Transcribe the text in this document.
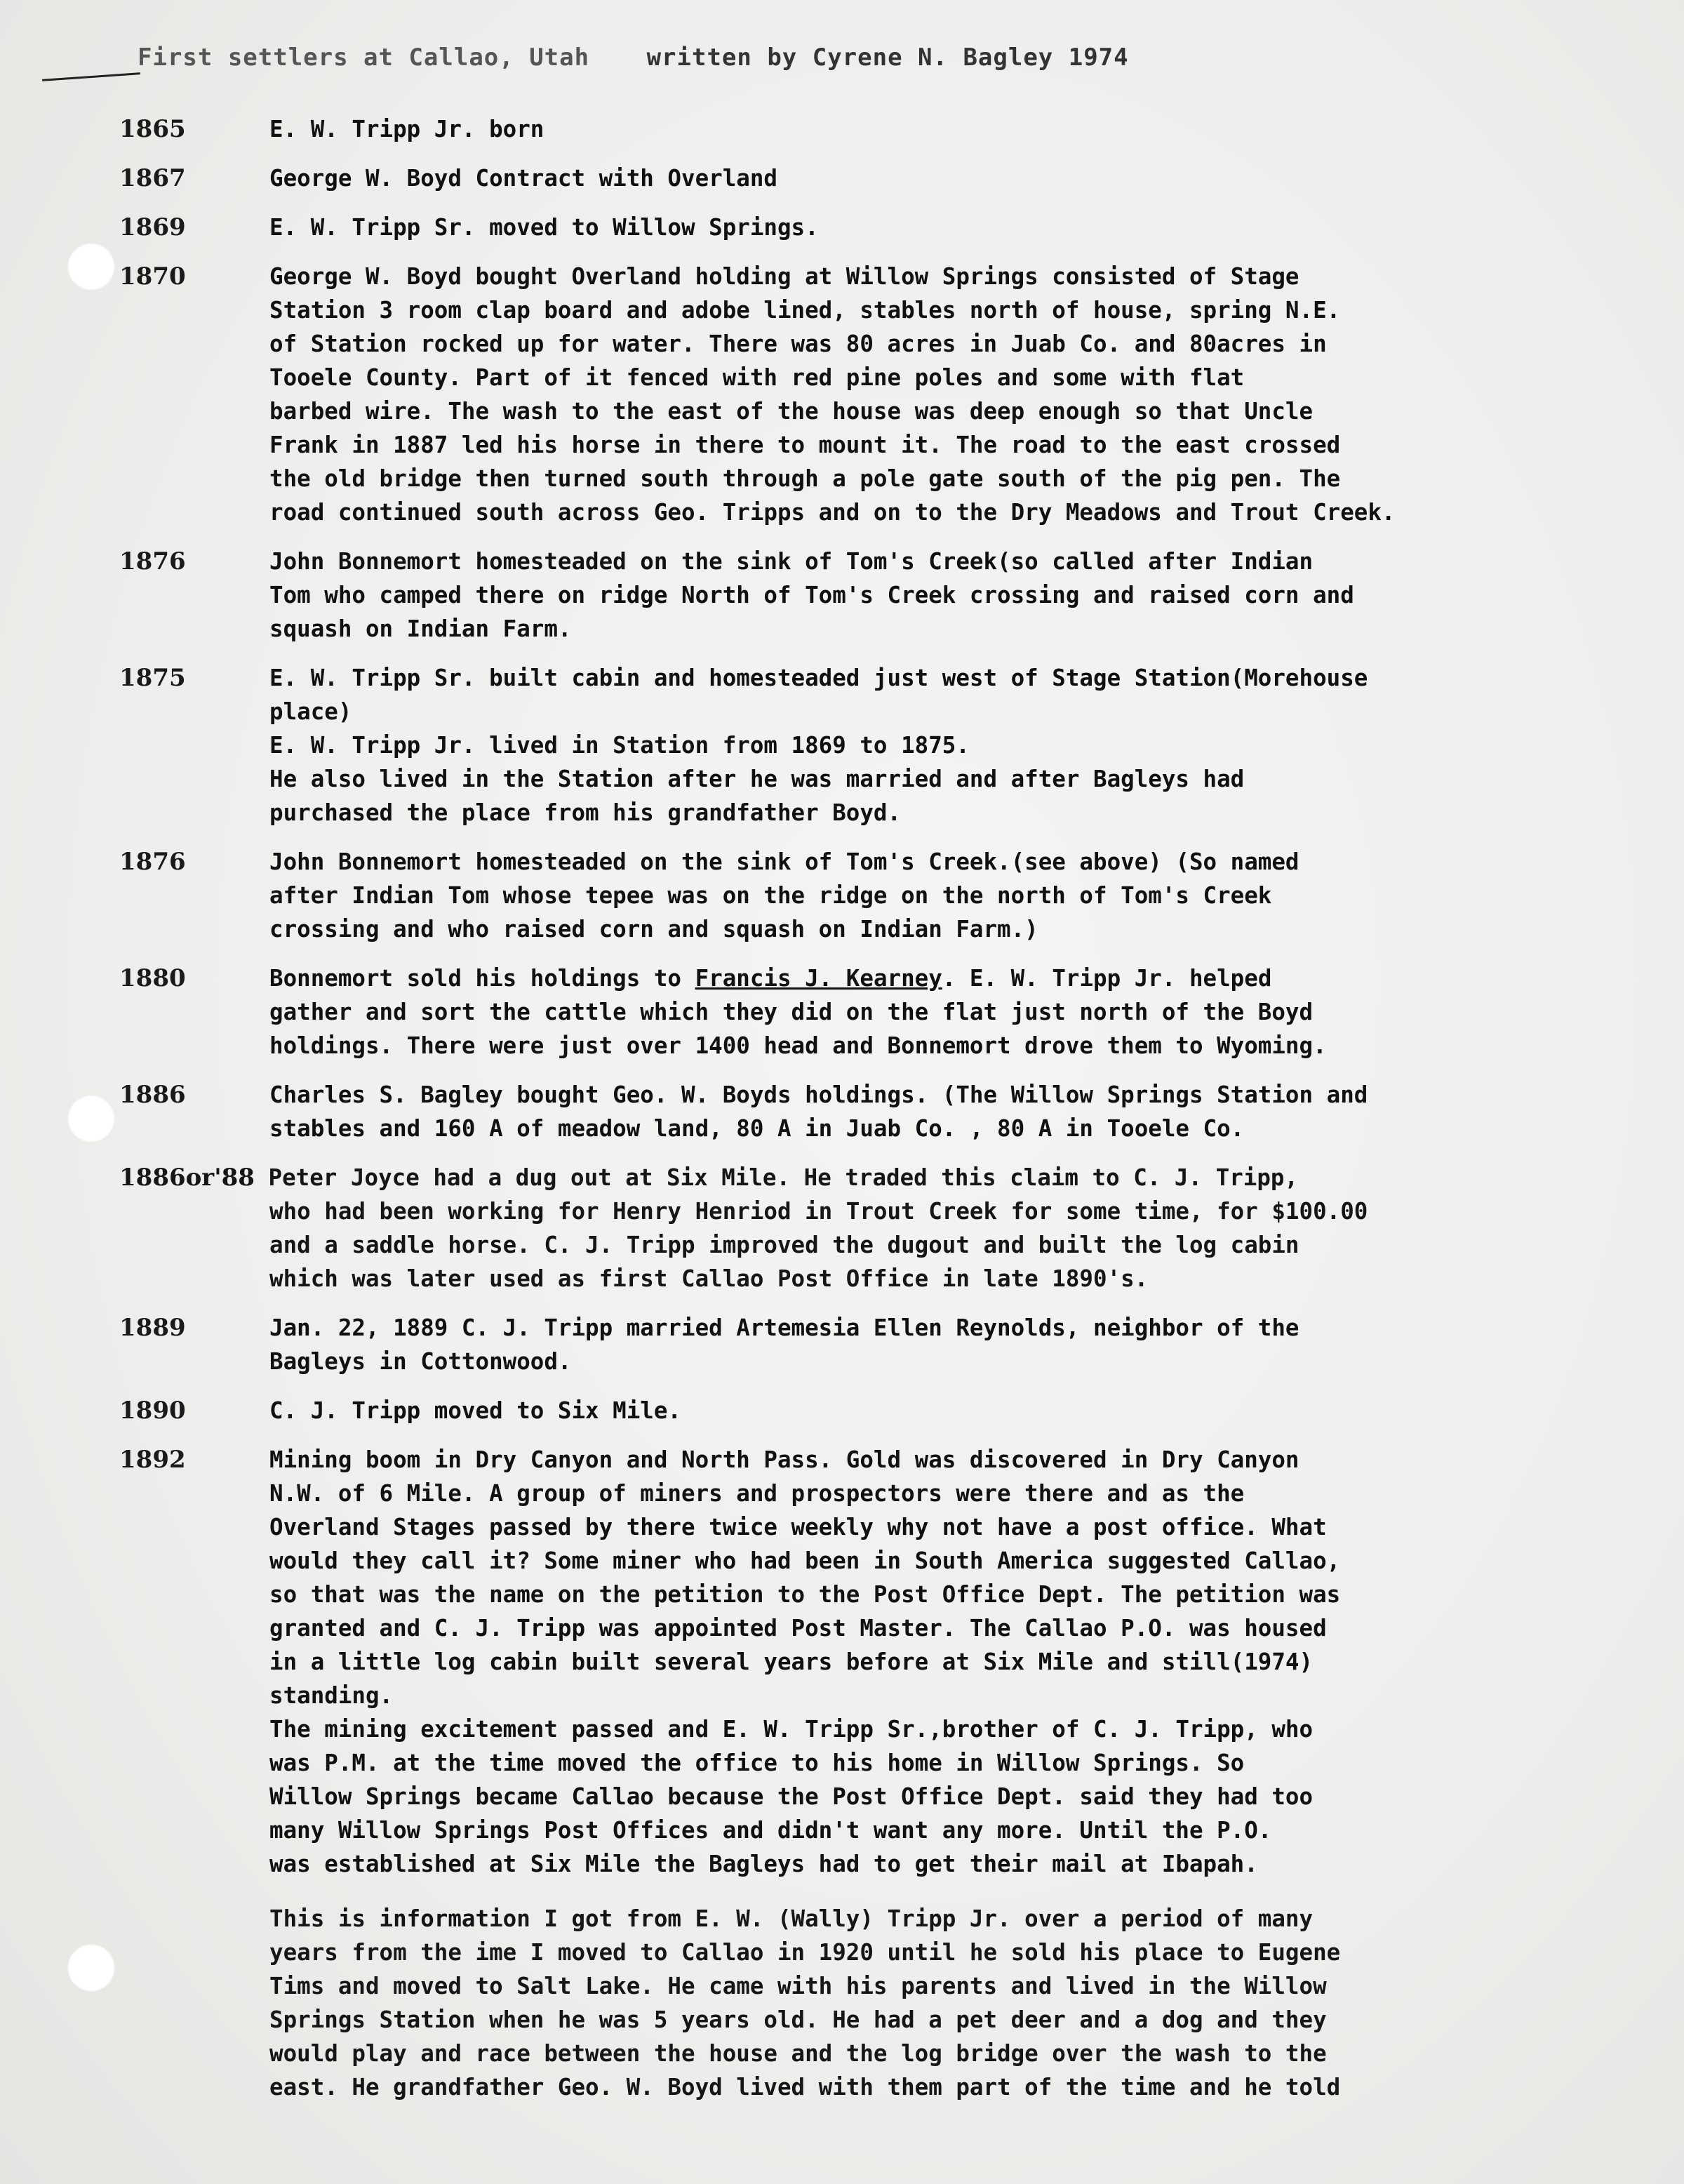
First settlers at Callao, Utah written by Cyrene N. Bagley 1974
1865	E. W. Tripp Jr. born

1867	George W. Boyd Contract with Overland

1869	E. W. Tripp Sr. moved to Willow Springs.

1870	George W. Boyd bought Overland holding at Willow Springs consisted of Stage

Station 3 room clap board and adobe lined, stables north of house, spring N.E.

of Station rocked up for water. There was 80 acres in Juab Co. and 80acres in

Tooele County. Part of it fenced with red pine poles and some with flat

barbed wire. The wash to the east of the house was deep enough so that Uncle

Frank in 1887 led his horse in there to mount it. The road to the east crossed

the old bridge then turned south through a pole gate south of the pig pen. The

road continued south across Geo. Tripps and on to the Dry Meadows and Trout Creek.

1876	John Bonnemort homesteaded on the sink of Tom's Creek(so called after Indian

Tom who camped there on ridge North of Tom's Creek crossing and raised corn and

squash on Indian Farm.

1875	E. W. Tripp Sr. built cabin and homesteaded just west of Stage Station(Morehouse

place)

E. W. Tripp Jr. lived in Station from 1869 to 1875.

He also lived in the Station after he was married and after Bagleys had

purchased the place from his grandfather Boyd.

1876	John Bonnemort homesteaded on the sink of Tom's Creek.(see above) (So named

after Indian Tom whose tepee was on the ridge on the north of Tom's Creek

crossing and who raised corn and squash on Indian Farm.)

1880	Bonnemort sold his holdings to Francis J. Kearney. E. W. Tripp Jr. helped

gather and sort the cattle which they did on the flat just north of the Boyd

holdings. There were just over 1400 head and Bonnemort drove them to Wyoming.

1886	Charles S. Bagley bought Geo. W. Boyds holdings. (The Willow Springs Station and

stables and 160 A of meadow land, 80 A in Juab Co. , 80 A in Tooele Co.

1886or'88 Peter Joyce had a dug out at Six Mile. He traded this claim to C. J. Tripp,
who had been working for Henry Henriod in Trout Creek for some time, for $100.00
and a saddle horse. C. J. Tripp improved the dugout and built the log cabin
which was later used as first Callao Post Office in late 1890's.
1889	Jan. 22, 1889 C. J. Tripp married Artemesia Ellen Reynolds, neighbor of the

Bagleys in Cottonwood.

1890	C. J. Tripp moved to Six Mile.

1892	Mining boom in Dry Canyon and North Pass. Gold was discovered in Dry Canyon

N.W. of 6 Mile. A group of miners and prospectors were there and as the

Overland Stages passed by there twice weekly why not have a post office. What

would they call it? Some miner who had been in South America suggested Callao,

so that was the name on the petition to the Post Office Dept. The petition was

granted and C. J. Tripp was appointed Post Master. The Callao P.O. was housed

in a little log cabin built several years before at Six Mile and still(1974)

standing.

The mining excitement passed and E. W. Tripp Sr.,brother of C. J. Tripp, who

was P.M. at the time moved the office to his home in Willow Springs. So

Willow Springs became Callao because the Post Office Dept. said they had too

many Willow Springs Post Offices and didn't want any more. Until the P.O.

was established at Six Mile the Bagleys had to get their mail at Ibapah.

This is information I got from E. W. (Wally) Tripp Jr. over a period of many
years from the ime I moved to Callao in 1920 until he sold his place to Eugene
Tims and moved to Salt Lake. He came with his parents and lived in the Willow
Springs Station when he was 5 years old. He had a pet deer and a dog and they
would play and race between the house and the log bridge over the wash to the
east. He grandfather Geo. W. Boyd lived with them part of the time and he told
